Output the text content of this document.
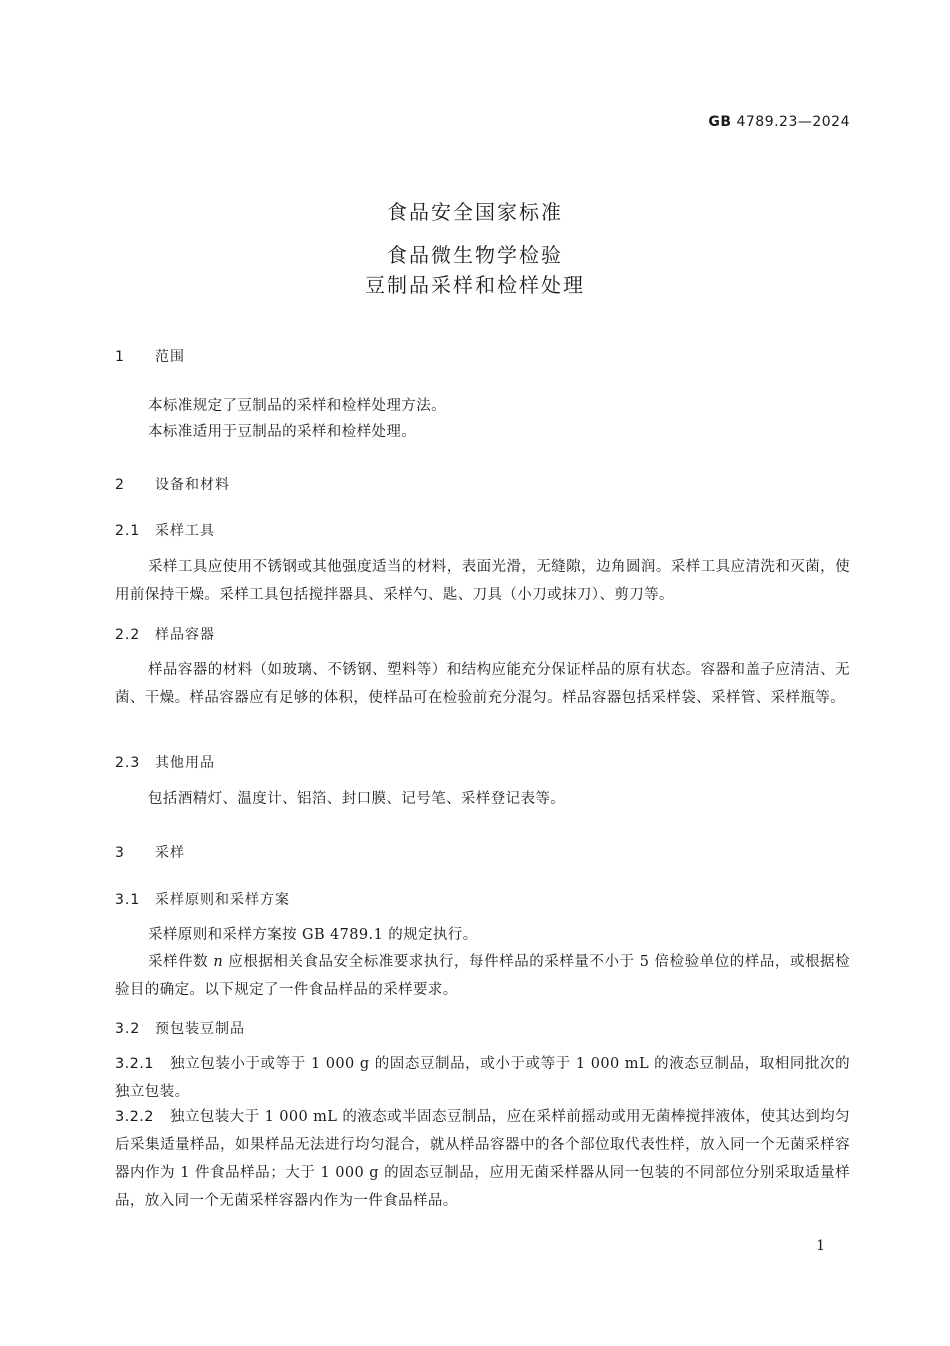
GB 4789.23—2024
食品安全国家标准
食品微生物学检验
豆制品采样和检样处理
1 范围
本标准规定了豆制品的采样和检样处理方法。
本标准适用于豆制品的采样和检样处理。
2 设备和材料
2.1 采样工具
采样工具应使用不锈钢或其他强度适当的材料，表面光滑，无缝隙，边角圆润。采样工具应清洗和灭菌，使用前保持干燥。采样工具包括搅拌器具、采样勺、匙、刀具（小刀或抹刀）、剪刀等。
2.2 样品容器
样品容器的材料（如玻璃、不锈钢、塑料等）和结构应能充分保证样品的原有状态。容器和盖子应清洁、无菌、干燥。样品容器应有足够的体积，使样品可在检验前充分混匀。样品容器包括采样袋、采样管、采样瓶等。
2.3 其他用品
包括酒精灯、温度计、铝箔、封口膜、记号笔、采样登记表等。
3 采样
3.1 采样原则和采样方案
采样原则和采样方案按 GB 4789.1 的规定执行。
采样件数 n 应根据相关食品安全标准要求执行，每件样品的采样量不小于 5 倍检验单位的样品，或根据检验目的确定。以下规定了一件食品样品的采样要求。
3.2 预包装豆制品
3.2.1 独立包装小于或等于 1 000 g 的固态豆制品，或小于或等于 1 000 mL 的液态豆制品，取相同批次的独立包装。
3.2.2 独立包装大于 1 000 mL 的液态或半固态豆制品，应在采样前摇动或用无菌棒搅拌液体，使其达到均匀后采集适量样品，如果样品无法进行均匀混合，就从样品容器中的各个部位取代表性样，放入同一个无菌采样容器内作为 1 件食品样品；大于 1 000 g 的固态豆制品，应用无菌采样器从同一包装的不同部位分别采取适量样品，放入同一个无菌采样容器内作为一件食品样品。
1
